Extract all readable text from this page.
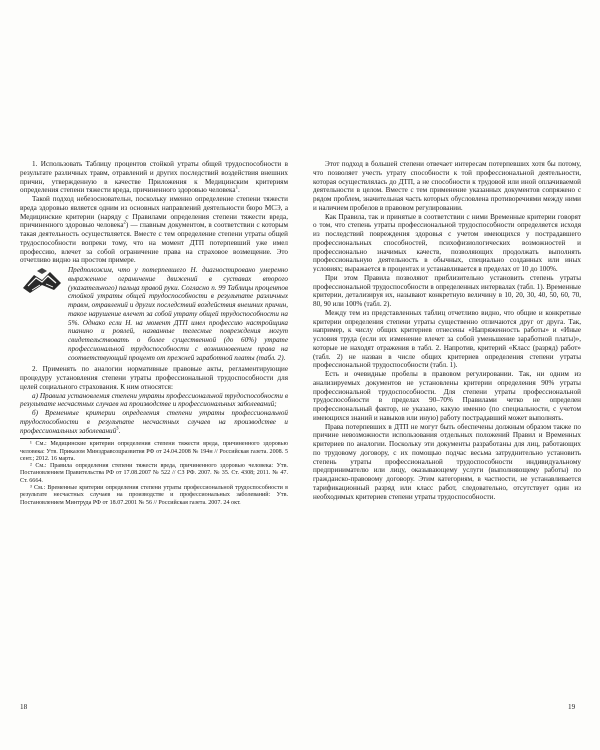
1. Использовать Таблицу процентов стойкой утраты общей трудоспособности в результате различных травм, отравлений и других последствий воздействия внешних причин, утвержденную в качестве Приложения к Медицинским критериям определения степени тяжести вреда, причиненного здоровью человека$^1$.

Такой подход небезосновательн, поскольку именно определение степени тяжести вреда здоровью является одним из основных направлений деятельности бюро МСЭ, а Медицинские критерии (наряду с Правилами определения степени тяжести вреда, причиненного здоровью человека$^2$) — главным документом, в соответствии с которым такая деятельность осуществляется. Вместе с тем определение степени утраты общей трудоспособности вопреки тому, что на момент ДТП потерпевший уже имел профессию, влечет за собой ограничение права на страховое возмещение. Это отчетливо видно на простом примере.

Предположим, что у потерпевшего Н. диагностировано умеренно выраженное ограничение движений в суставах второго (указательного) пальца правой руки. Согласно п. 99 Таблицы процентов стойкой утраты общей трудоспособности в результате различных травм, отравлений и других последствий воздействия внешних причин, такое нарушение влечет за собой утрату общей трудоспособности на 5%. Однако если Н. на момент ДТП имел профессию настройщика пианино и роялей, названные телесные повреждения могут свидетельствовать о более существенной (до 60%) утрате профессиональной трудоспособности с возникновением права на соответствующий процент от прежней заработной платы (табл. 2).

2. Применять по аналогии нормативные правовые акты, регламентирующие процедуру установления степени утраты профессиональной трудоспособности для целей социального страхования. К ним относятся:

а) Правила установления степени утраты профессиональной трудоспособности в результате несчастных случаев на производстве и профессиональных заболеваний;

б) Временные критерии определения степени утраты профессиональной трудоспособности в результате несчастных случаев на производстве и профессиональных заболеваний$^3$.

¹ См.: Медицинские критерии определения степени тяжести вреда, причиненного здоровью человека: Утв. Приказом Минздравсоцразвития РФ от 24.04.2008 № 194н // Российская газета. 2008. 5 сент.; 2012. 16 марта.

² См.: Правила определения степени тяжести вреда, причиненного здоровью человека: Утв. Постановлением Правительства РФ от 17.08.2007 № 522 // СЗ РФ. 2007. № 35. Ст. 4308; 2011. № 47. Ст. 6664.

³ См.: Временные критерии определения степени утраты профессиональной трудоспособности в результате несчастных случаев на производстве и профессиональных заболеваний: Утв. Постановлением Минтруда РФ от 18.07.2001 № 56 // Российская газета. 2007. 24 окт.

18

Этот подход в большей степени отвечает интересам потерпевших хотя бы потому, что позволяет учесть утрату способности к той профессиональной деятельности, которая осуществлялась до ДТП, а не способности к трудовой или иной оплачиваемой деятельности в целом. Вместе с тем применение указанных документов сопряжено с рядом проблем, значительная часть которых обусловлена противоречиями между ними и наличием пробелов в правовом регулировании.

Как Правила, так и принятые в соответствии с ними Временные критерии говорят о том, что степень утраты профессиональной трудоспособности определяется исходя из последствий повреждения здоровья с учетом имеющихся у пострадавшего профессиональных способностей, психофизиологических возможностей и профессионально значимых качеств, позволяющих продолжать выполнять профессиональную деятельность в обычных, специально созданных или иных условиях; выражается в процентах и устанавливается в пределах от 10 до 100%.

При этом Правила позволяют приблизительно установить степень утраты профессиональной трудоспособности в определенных интервалах (табл. 1). Временные критерии, детализируя их, называют конкретную величину в 10, 20, 30, 40, 50, 60, 70, 80, 90 или 100% (табл. 2).

Между тем из представленных таблиц отчетливо видно, что общие и конкретные критерии определения степени утраты существенно отличаются друг от друга. Так, например, к числу общих критериев отнесены «Напряженность работы» и «Иные условия труда (если их изменение влечет за собой уменьшение заработной платы)», которые не находят отражения в табл. 2. Напротив, критерий «Класс (разряд) работ» (табл. 2) не назван в числе общих критериев определения степени утраты профессиональной трудоспособности (табл. 1).

Есть и очевидные пробелы в правовом регулировании. Так, ни одним из анализируемых документов не установлены критерии определения 90% утраты профессиональной трудоспособности. Для степени утраты профессиональной трудоспособности в пределах 90–70% Правилами четко не определен профессиональный фактор, не указано, какую именно (по специальности, с учетом имеющихся знаний и навыков или иную) работу пострадавший может выполнять.

Права потерпевших в ДТП не могут быть обеспечены должным образом также по причине невозможности использования отдельных положений Правил и Временных критериев по аналогии. Поскольку эти документы разработаны для лиц, работающих по трудовому договору, с их помощью подчас весьма затруднительно установить степень утраты профессиональной трудоспособности индивидуальному предпринимателю или лицу, оказывающему услуги (выполняющему работы) по гражданско-правовому договору. Этим категориям, в частности, не устанавливается тарификационный разряд или класс работ, следовательно, отсутствует один из необходимых критериев степени утраты трудоспособности.

19
